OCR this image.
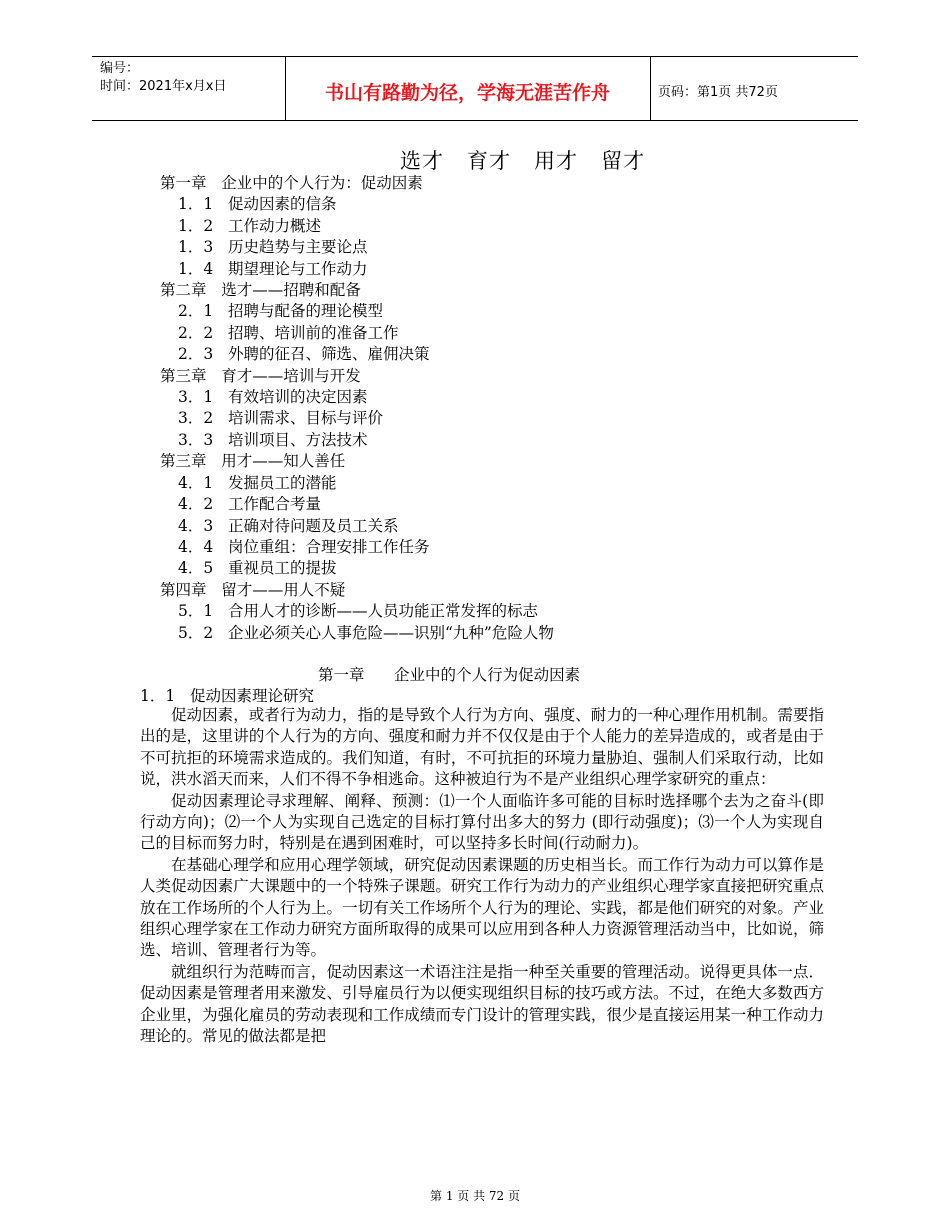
编号：
时间：2021年x月x日	书山有路勤为径，学海无涯苦作舟	页码：第1页 共72页
选才   育才   用才   留才
第一章   企业中的个人行为：促动因素
1．1   促动因素的信条
1．2   工作动力概述
1．3   历史趋势与主要论点
1．4   期望理论与工作动力
第二章   选才——招聘和配备
2．1   招聘与配备的理论模型
2．2   招聘、培训前的准备工作
2．3   外聘的征召、筛选、雇佣决策
第三章   育才——培训与开发
3．1   有效培训的决定因素
3．2   培训需求、目标与评价
3．3   培训项目、方法技术
第三章   用才——知人善任
4．1   发掘员工的潜能
4．2   工作配合考量
4．3   正确对待问题及员工关系
4．4   岗位重组：合理安排工作任务
4．5   重视员工的提拔
第四章   留才——用人不疑
5．1   合用人才的诊断——人员功能正常发挥的标志
5．2   企业必须关心人事危险——识别“九种”危险人物
第一章      企业中的个人行为促动因素
1．1   促动因素理论研究

促动因素，或者行为动力，指的是导致个人行为方向、强度、耐力的一种心理作用机制。需要指出的是，这里讲的个人行为的方向、强度和耐力并不仅仅是由于个人能力的差异造成的，或者是由于不可抗拒的环境需求造成的。我们知道，有时，不可抗拒的环境力量胁迫、强制人们采取行动，比如说，洪水滔天而来，人们不得不争相逃命。这种被迫行为不是产业组织心理学家研究的重点：

促动因素理论寻求理解、阐释、预测：⑴一个人面临许多可能的目标时选择哪个去为之奋斗(即行动方向)；⑵一个人为实现自己选定的目标打算付出多大的努力 (即行动强度)；⑶一个人为实现自己的目标而努力时，特别是在遇到困难时，可以坚持多长时间(行动耐力)。

在基础心理学和应用心理学领域，研究促动因素课题的历史相当长。而工作行为动力可以算作是人类促动因素广大课题中的一个特殊子课题。研究工作行为动力的产业组织心理学家直接把研究重点放在工作场所的个人行为上。一切有关工作场所个人行为的理论、实践，都是他们研究的对象。产业组织心理学家在工作动力研究方面所取得的成果可以应用到各种人力资源管理活动当中，比如说，筛选、培训、管理者行为等。

就组织行为范畴而言，促动因素这一术语注注是指一种至关重要的管理活动。说得更具体一点．促动因素是管理者用来激发、引导雇员行为以便实现组织目标的技巧或方法。不过，在绝大多数西方企业里，为强化雇员的劳动表现和工作成绩而专门设计的管理实践，很少是直接运用某一种工作动力理论的。常见的做法都是把

第 1 页 共 72 页
